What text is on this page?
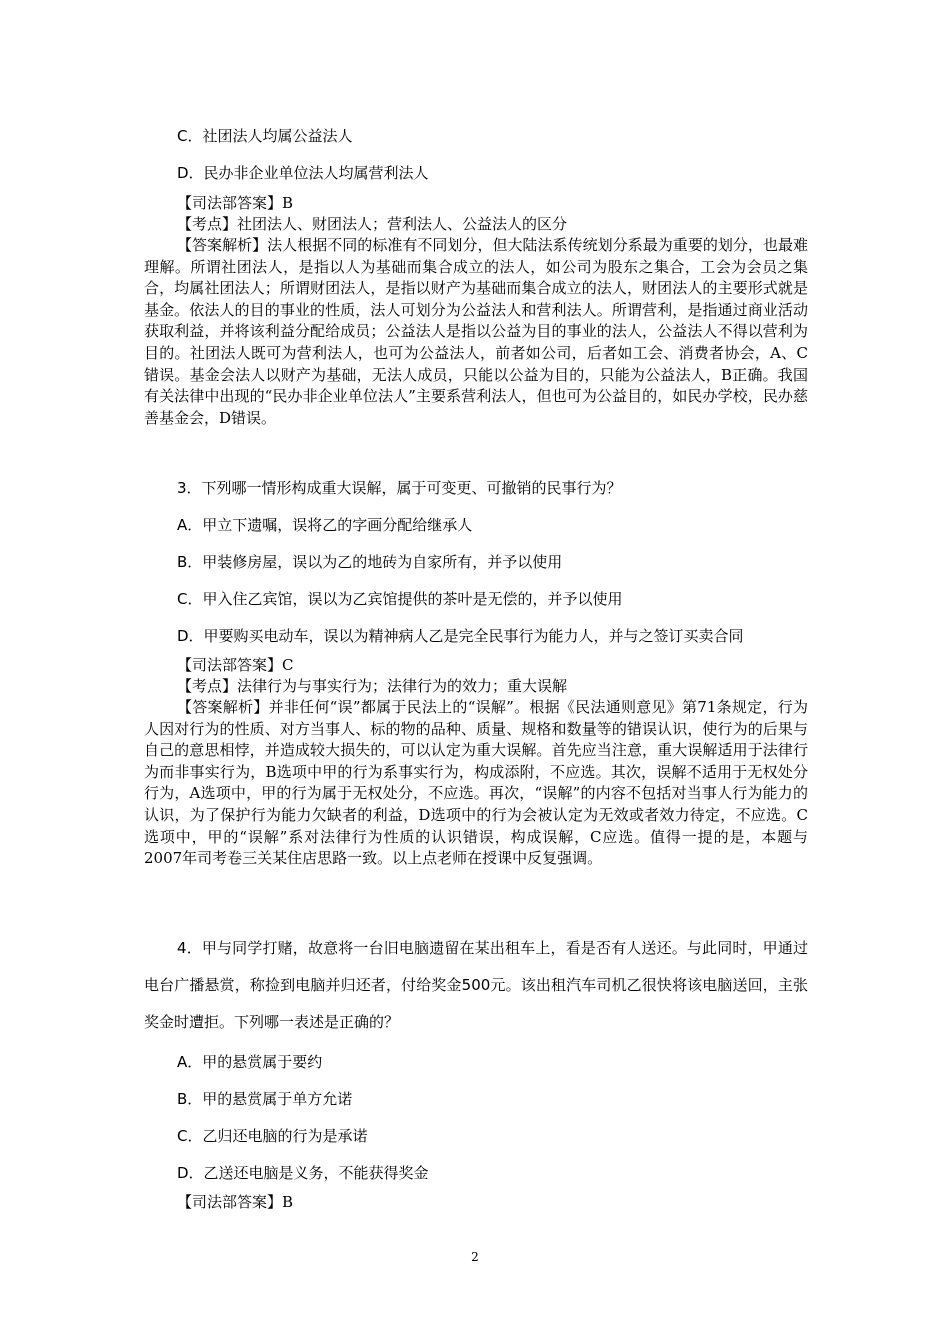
C．社团法人均属公益法人
D．民办非企业单位法人均属营利法人
【司法部答案】B
【考点】社团法人、财团法人；营利法人、公益法人的区分
【答案解析】法人根据不同的标准有不同划分，但大陆法系传统划分系最为重要的划分，也最难理解。所谓社团法人，是指以人为基础而集合成立的法人，如公司为股东之集合，工会为会员之集合，均属社团法人；所谓财团法人，是指以财产为基础而集合成立的法人，财团法人的主要形式就是基金。依法人的目的事业的性质，法人可划分为公益法人和营利法人。所谓营利，是指通过商业活动获取利益，并将该利益分配给成员；公益法人是指以公益为目的事业的法人，公益法人不得以营利为目的。社团法人既可为营利法人，也可为公益法人，前者如公司，后者如工会、消费者协会，A、C错误。基金会法人以财产为基础，无法人成员，只能以公益为目的，只能为公益法人，B正确。我国有关法律中出现的“民办非企业单位法人”主要系营利法人，但也可为公益目的，如民办学校，民办慈善基金会，D错误。
3．下列哪一情形构成重大误解，属于可变更、可撤销的民事行为？
A．甲立下遗嘱，误将乙的字画分配给继承人
B．甲装修房屋，误以为乙的地砖为自家所有，并予以使用
C．甲入住乙宾馆，误以为乙宾馆提供的茶叶是无偿的，并予以使用
D．甲要购买电动车，误以为精神病人乙是完全民事行为能力人，并与之签订买卖合同
【司法部答案】C
【考点】法律行为与事实行为；法律行为的效力；重大误解
【答案解析】并非任何“误”都属于民法上的“误解”。根据《民法通则意见》第71条规定，行为人因对行为的性质、对方当事人、标的物的品种、质量、规格和数量等的错误认识，使行为的后果与自己的意思相悖，并造成较大损失的，可以认定为重大误解。首先应当注意，重大误解适用于法律行为而非事实行为，B选项中甲的行为系事实行为，构成添附，不应选。其次，误解不适用于无权处分行为，A选项中，甲的行为属于无权处分，不应选。再次，“误解”的内容不包括对当事人行为能力的认识，为了保护行为能力欠缺者的利益，D选项中的行为会被认定为无效或者效力待定，不应选。C选项中，甲的“误解”系对法律行为性质的认识错误，构成误解，C应选。值得一提的是，本题与2007年司考卷三关某住店思路一致。以上点老师在授课中反复强调。
4．甲与同学打赌，故意将一台旧电脑遗留在某出租车上，看是否有人送还。与此同时，甲通过电台广播悬赏，称捡到电脑并归还者，付给奖金500元。该出租汽车司机乙很快将该电脑送回，主张奖金时遭拒。下列哪一表述是正确的？
A．甲的悬赏属于要约
B．甲的悬赏属于单方允诺
C．乙归还电脑的行为是承诺
D．乙送还电脑是义务，不能获得奖金
【司法部答案】B
2
